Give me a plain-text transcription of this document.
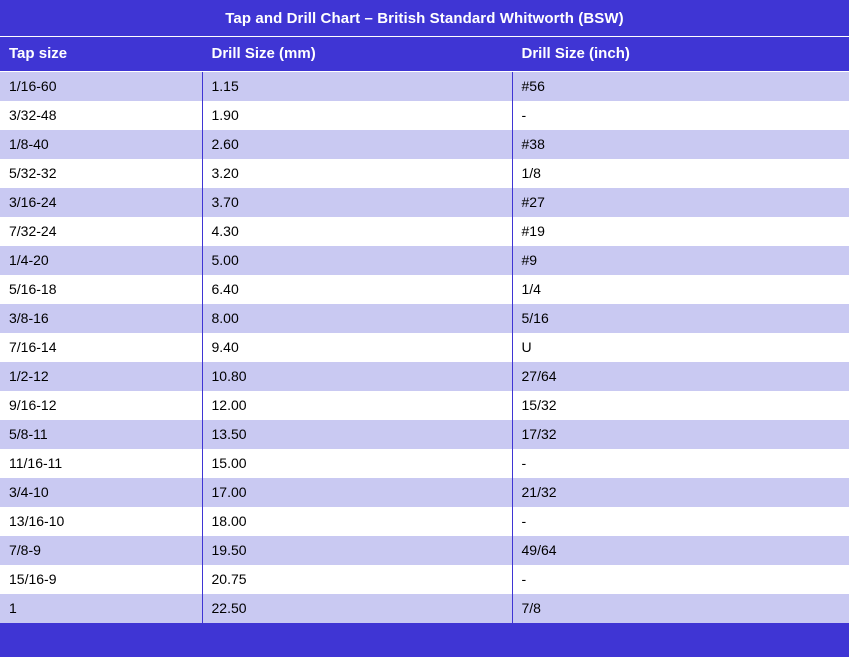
Tap and Drill Chart – British Standard Whitworth (BSW)
Tap size	Drill Size (mm)	Drill Size (inch)
1/16-60	1.15	#56
3/32-48	1.90	-
1/8-40	2.60	#38
5/32-32	3.20	1/8
3/16-24	3.70	#27
7/32-24	4.30	#19
1/4-20	5.00	#9
5/16-18	6.40	1/4
3/8-16	8.00	5/16
7/16-14	9.40	U
1/2-12	10.80	27/64
9/16-12	12.00	15/32
5/8-11	13.50	17/32
11/16-11	15.00	-
3/4-10	17.00	21/32
13/16-10	18.00	-
7/8-9	19.50	49/64
15/16-9	20.75	-
1	22.50	7/8
